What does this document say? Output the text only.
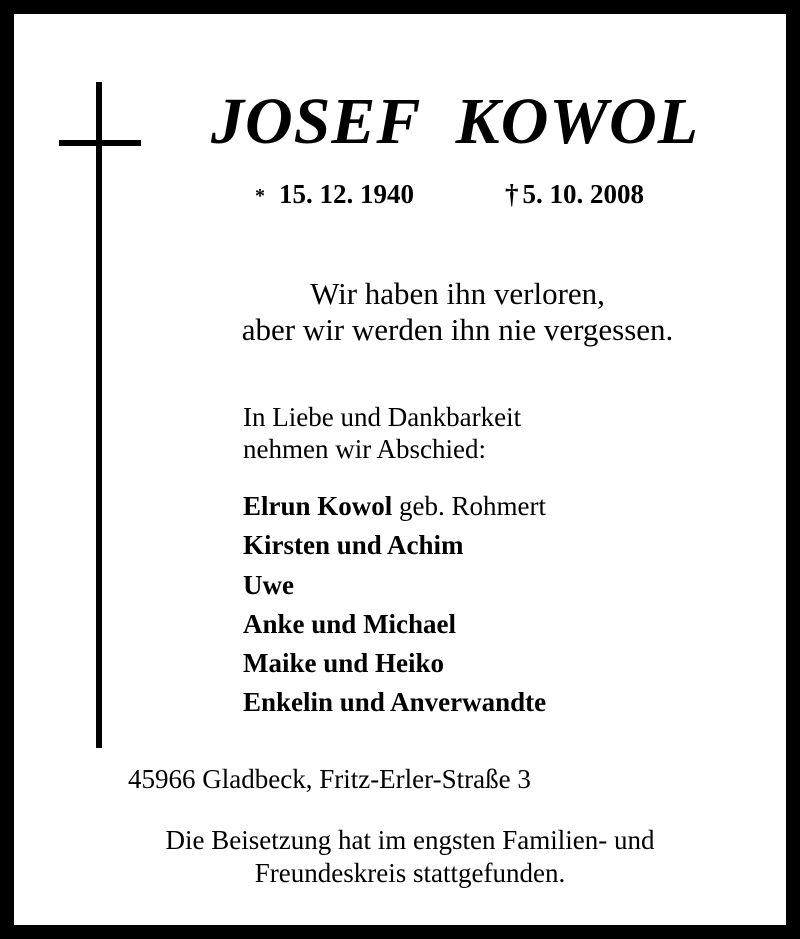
JOSEF KOWOL
* 15. 12. 1940	† 5. 10. 2008
Wir haben ihn verloren,
aber wir werden ihn nie vergessen.
In Liebe und Dankbarkeit
nehmen wir Abschied:
Elrun Kowol geb. Rohmert
Kirsten und Achim
Uwe
Anke und Michael
Maike und Heiko
Enkelin und Anverwandte
45966 Gladbeck, Fritz-Erler-Straße 3
Die Beisetzung hat im engsten Familien- und
Freundeskreis stattgefunden.
